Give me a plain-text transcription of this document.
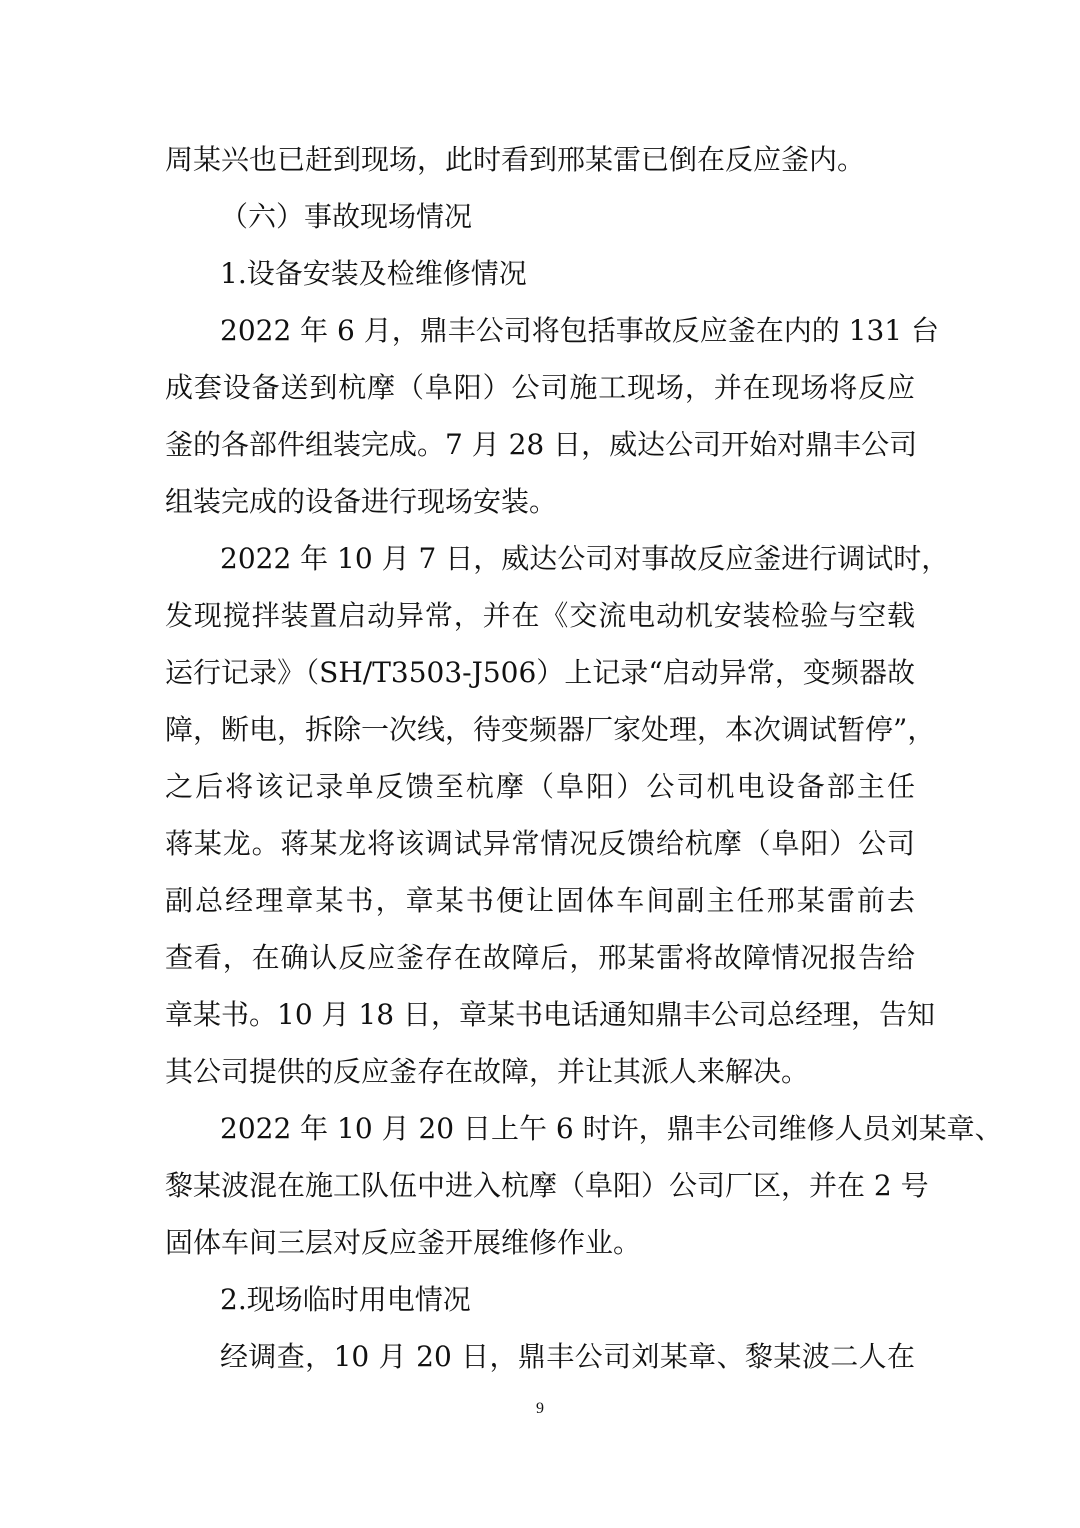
周某兴也已赶到现场，此时看到邢某雷已倒在反应釜内。
（六）事故现场情况
1.设备安装及检维修情况
2022 年 6 月，鼎丰公司将包括事故反应釜在内的 131 台
成套设备送到杭摩（阜阳）公司施工现场，并在现场将反应
釜的各部件组装完成。7 月 28 日，威达公司开始对鼎丰公司
组装完成的设备进行现场安装。
2022 年 10 月 7 日，威达公司对事故反应釜进行调试时，
发现搅拌装置启动异常，并在《交流电动机安装检验与空载
运行记录》（SH/T3503-J506）上记录“启动异常，变频器故
障，断电，拆除一次线，待变频器厂家处理，本次调试暂停”，
之后将该记录单反馈至杭摩（阜阳）公司机电设备部主任
蒋某龙。蒋某龙将该调试异常情况反馈给杭摩（阜阳）公司
副总经理章某书，章某书便让固体车间副主任邢某雷前去
查看，在确认反应釜存在故障后，邢某雷将故障情况报告给
章某书。10 月 18 日，章某书电话通知鼎丰公司总经理，告知
其公司提供的反应釜存在故障，并让其派人来解决。
2022 年 10 月 20 日上午 6 时许，鼎丰公司维修人员刘某章、
黎某波混在施工队伍中进入杭摩（阜阳）公司厂区，并在 2 号
固体车间三层对反应釜开展维修作业。
2.现场临时用电情况
经调查，10 月 20 日，鼎丰公司刘某章、黎某波二人在
9
